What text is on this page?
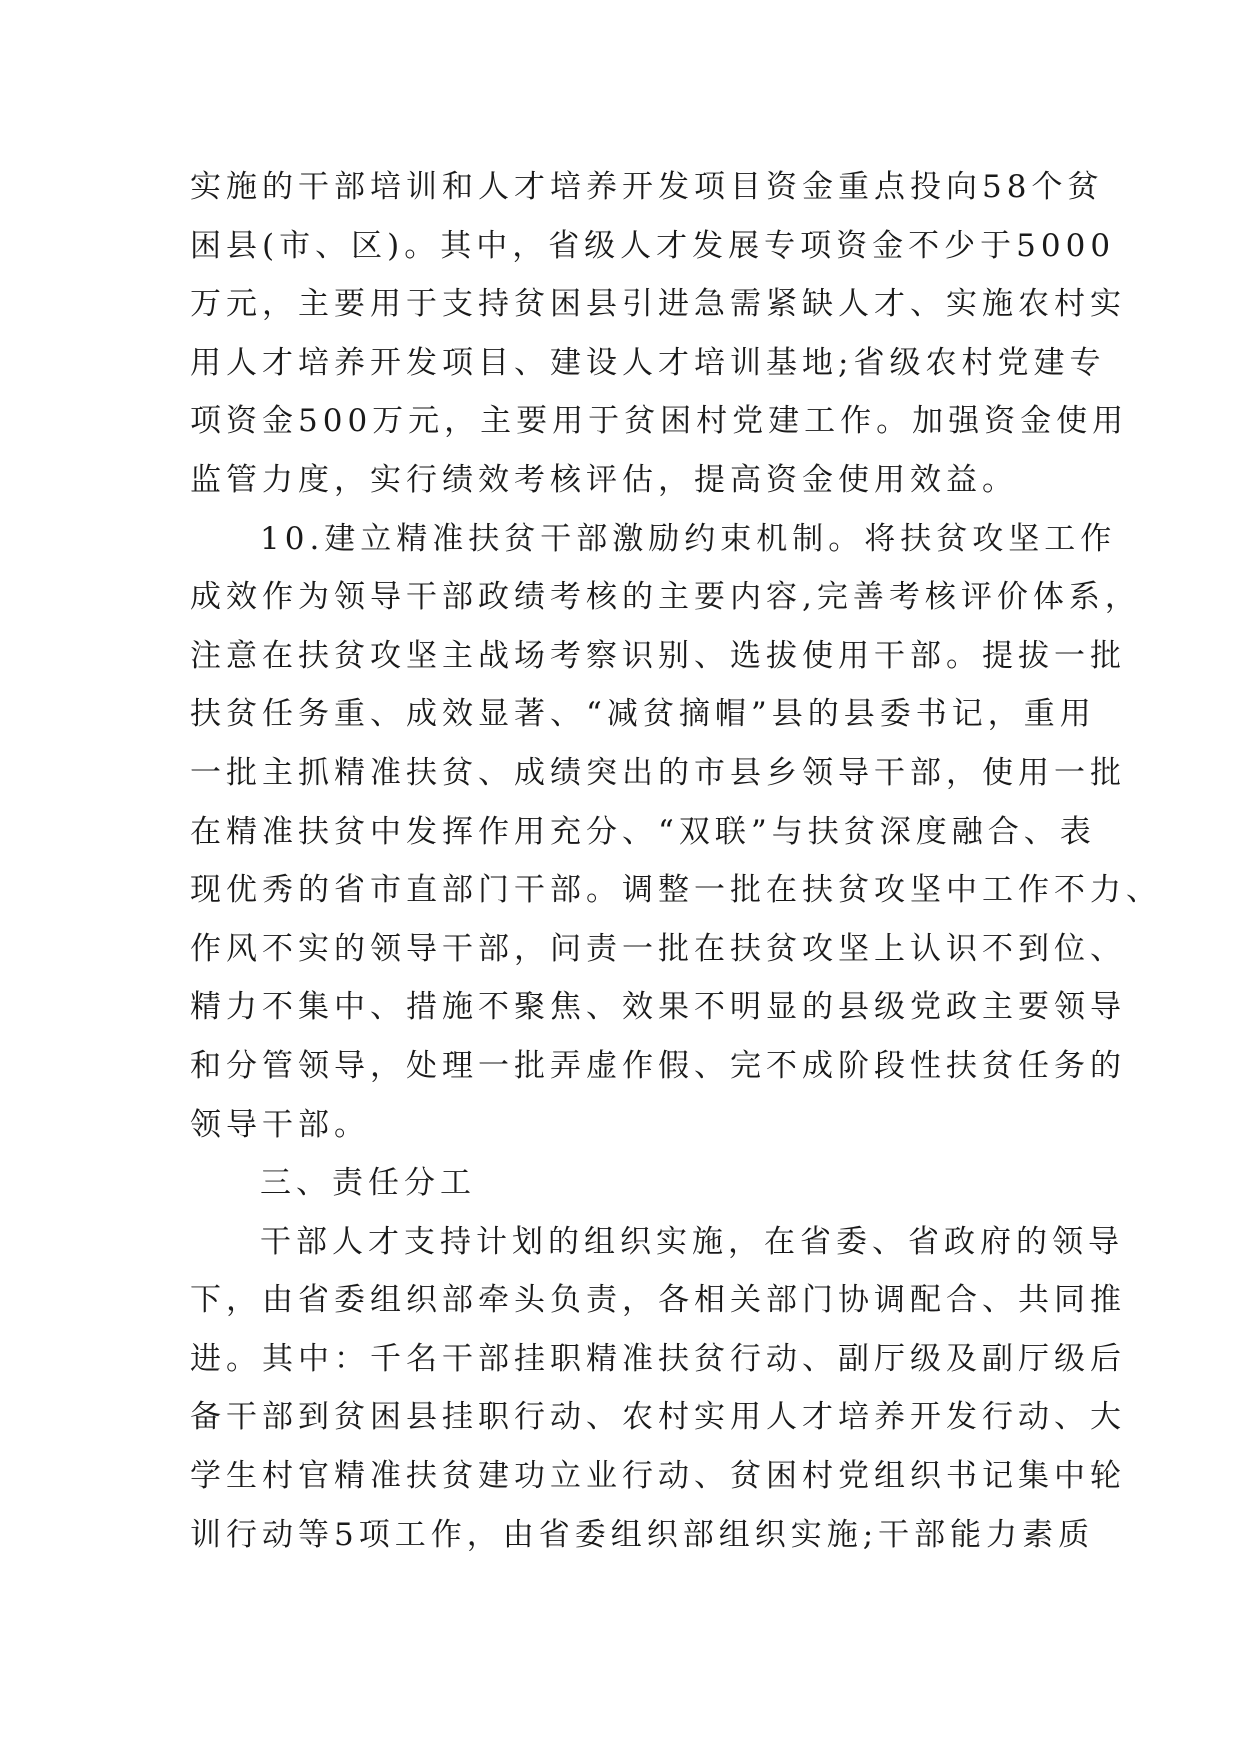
实施的干部培训和人才培养开发项目资金重点投向58个贫
困县(市、区)。其中，省级人才发展专项资金不少于5000
万元，主要用于支持贫困县引进急需紧缺人才、实施农村实
用人才培养开发项目、建设人才培训基地;省级农村党建专
项资金500万元，主要用于贫困村党建工作。加强资金使用
监管力度，实行绩效考核评估，提高资金使用效益。
10.建立精准扶贫干部激励约束机制。将扶贫攻坚工作
成效作为领导干部政绩考核的主要内容,完善考核评价体系，
注意在扶贫攻坚主战场考察识别、选拔使用干部。提拔一批
扶贫任务重、成效显著、“减贫摘帽”县的县委书记，重用
一批主抓精准扶贫、成绩突出的市县乡领导干部，使用一批
在精准扶贫中发挥作用充分、“双联”与扶贫深度融合、表
现优秀的省市直部门干部。调整一批在扶贫攻坚中工作不力、
作风不实的领导干部，问责一批在扶贫攻坚上认识不到位、
精力不集中、措施不聚焦、效果不明显的县级党政主要领导
和分管领导，处理一批弄虚作假、完不成阶段性扶贫任务的
领导干部。
三、责任分工
干部人才支持计划的组织实施，在省委、省政府的领导
下，由省委组织部牵头负责，各相关部门协调配合、共同推
进。其中：千名干部挂职精准扶贫行动、副厅级及副厅级后
备干部到贫困县挂职行动、农村实用人才培养开发行动、大
学生村官精准扶贫建功立业行动、贫困村党组织书记集中轮
训行动等5项工作，由省委组织部组织实施;干部能力素质
